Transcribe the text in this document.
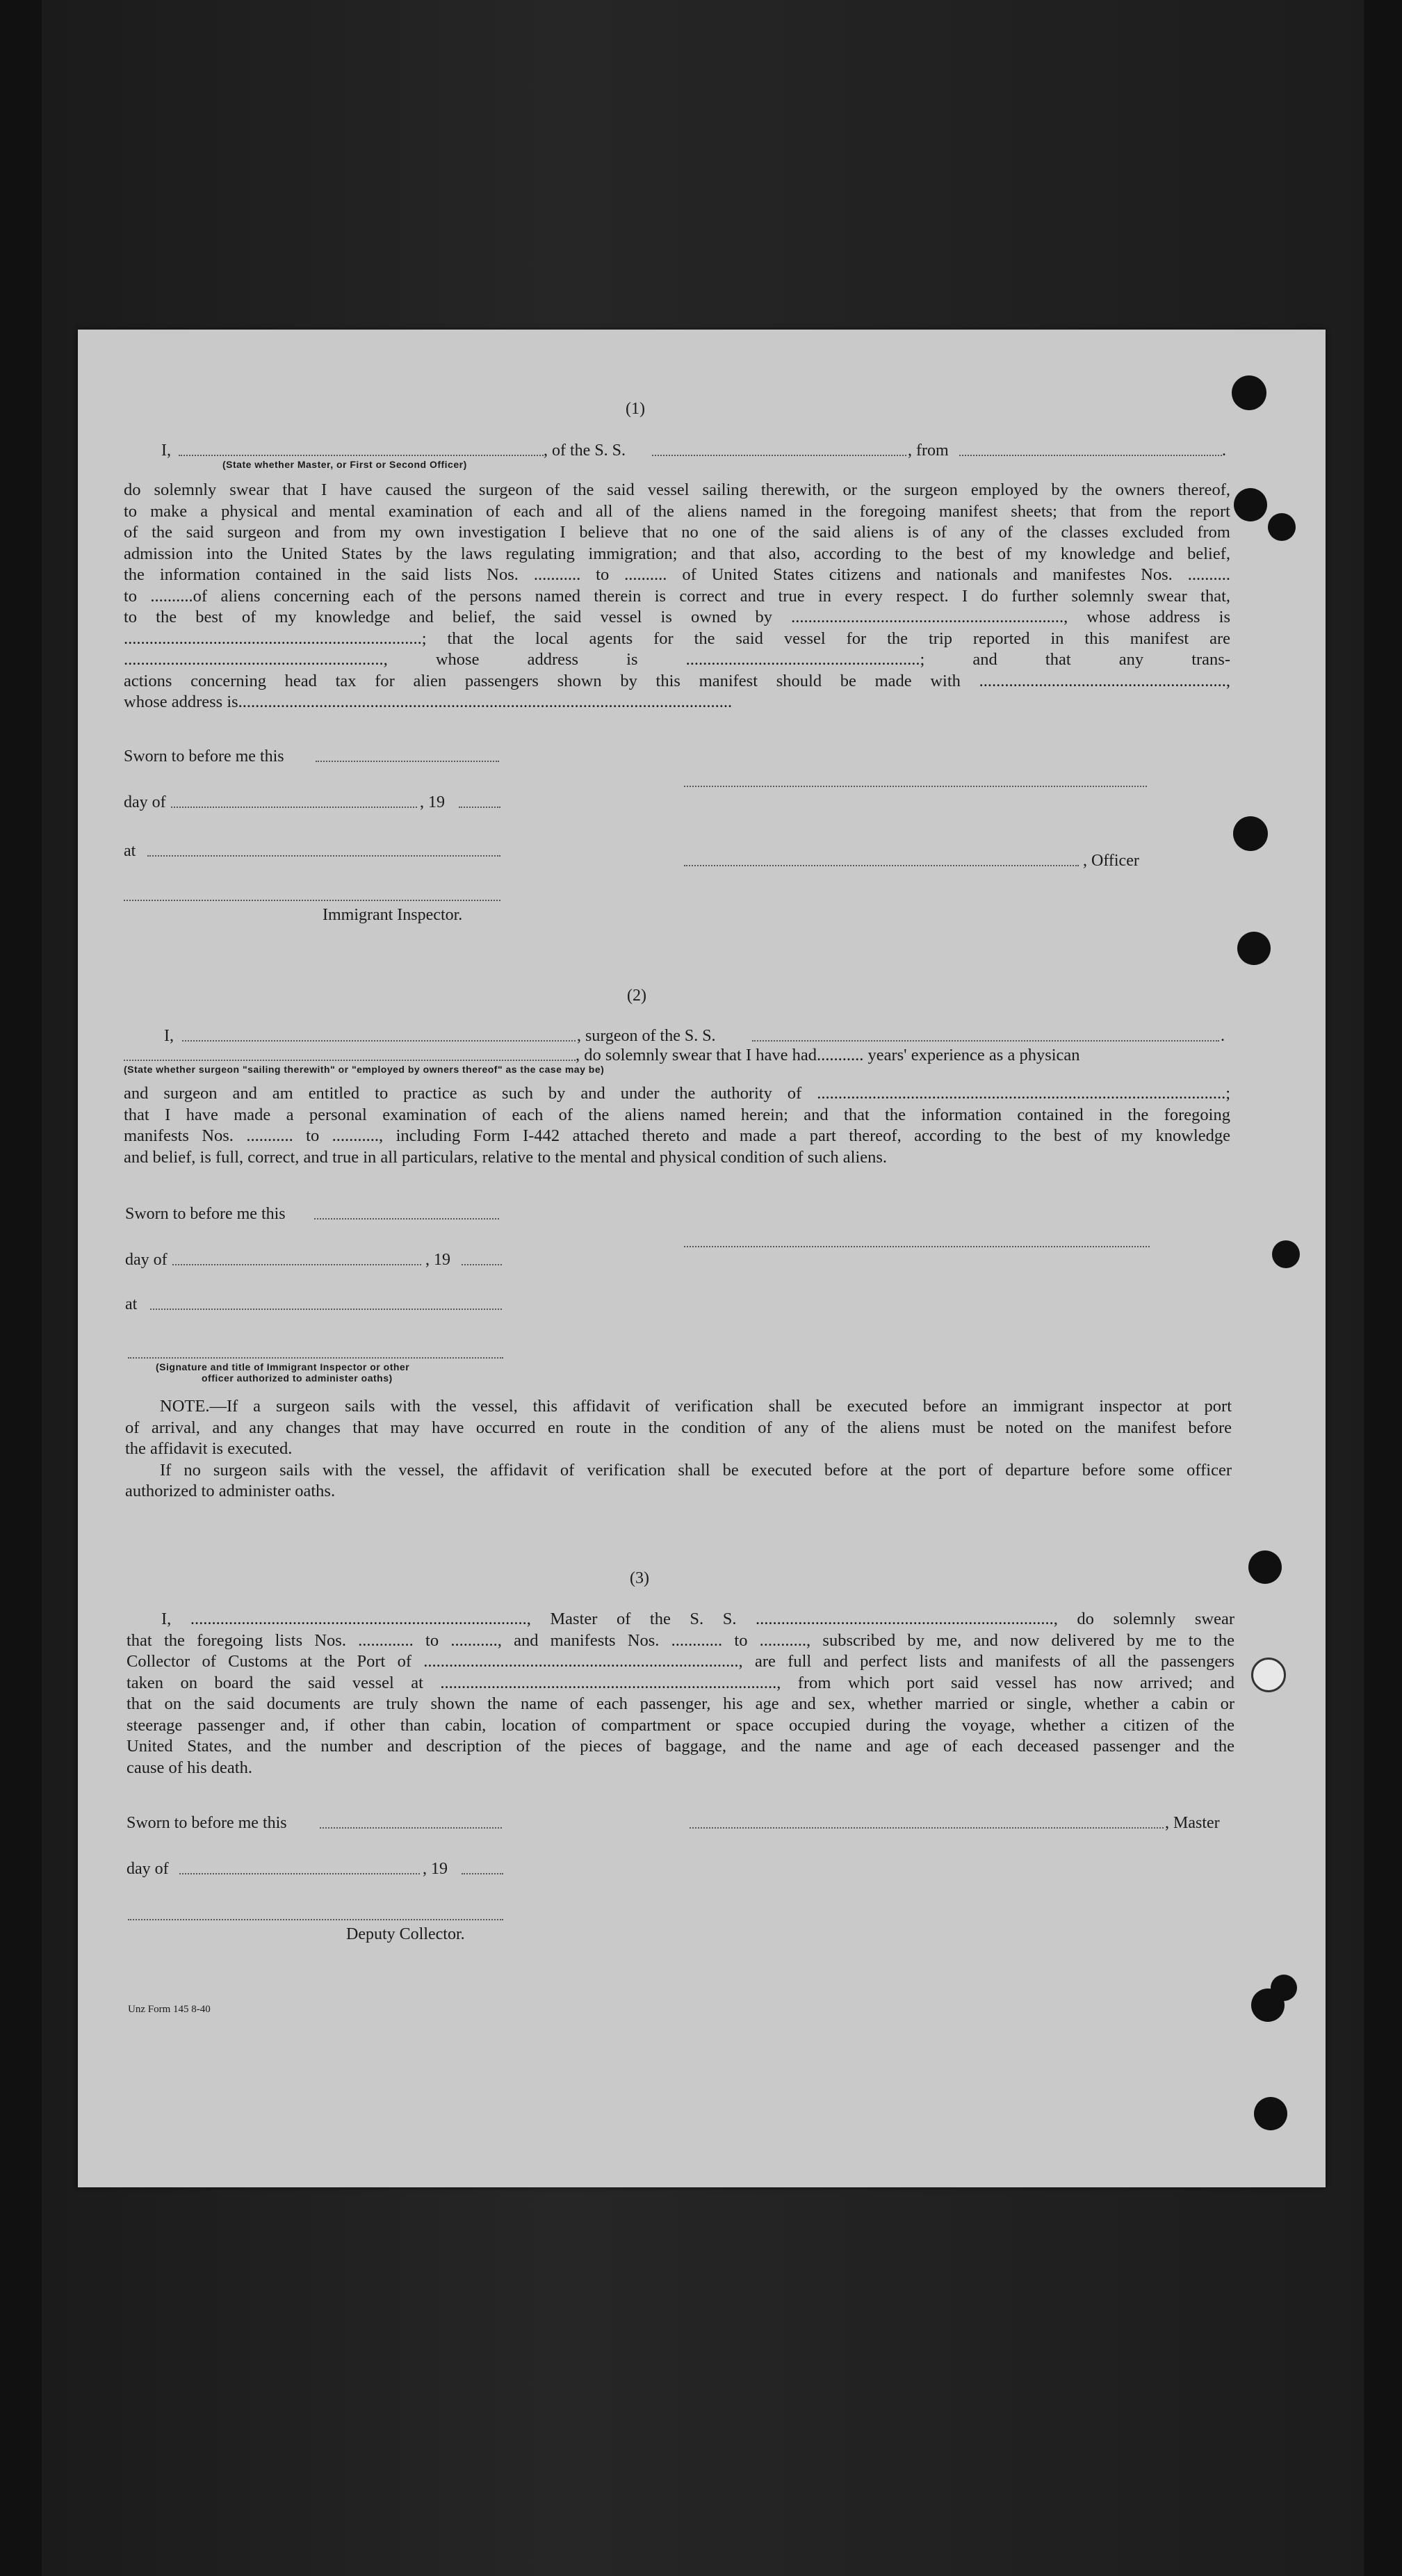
(1)
I,	, of the S. S.	, from	.
(State whether Master, or First or Second Officer)
do solemnly swear that I have caused the surgeon of the said vessel sailing therewith, or the surgeon employed by the owners thereof,
to make a physical and mental examination of each and all of the aliens named in the foregoing manifest sheets; that from the report
of the said surgeon and from my own investigation I believe that no one of the said aliens is of any of the classes excluded from
admission into the United States by the laws regulating immigration; and that also, according to the best of my knowledge and belief,
the information contained in the said lists Nos. ........... to .......... of United States citizens and nationals and manifestes Nos. ..........
to ..........of aliens concerning each of the persons named therein is correct and true in every respect. I do further solemnly swear that,
to the best of my knowledge and belief, the said vessel is owned by ................................................................, whose address is
......................................................................; that the local agents for the said vessel for the trip reported in this manifest are
............................................................., whose address is .......................................................; and that any trans-
actions concerning head tax for alien passengers shown by this manifest should be made with ..........................................................,
whose address is....................................................................................................................
Sworn to before me this
day of	, 19
at
, Officer
Immigrant Inspector.
(2)
I,	, surgeon of the S. S.	.
, do solemnly swear that I have had........... years' experience as a physican
(State whether surgeon "sailing therewith" or "employed by owners thereof" as the case may be)
and surgeon and am entitled to practice as such by and under the authority of ................................................................................................;
that I have made a personal examination of each of the aliens named herein; and that the information contained in the foregoing
manifests Nos. ........... to ..........., including Form I-442 attached thereto and made a part thereof, according to the best of my knowledge
and belief, is full, correct, and true in all particulars, relative to the mental and physical condition of such aliens.
Sworn to before me this
day of	, 19
at
(Signature and title of Immigrant Inspector or other
officer authorized to administer oaths)
NOTE.—If a surgeon sails with the vessel, this affidavit of verification shall be executed before an immigrant inspector at port
of arrival, and any changes that may have occurred en route in the condition of any of the aliens must be noted on the manifest before
the affidavit is executed.
If no surgeon sails with the vessel, the affidavit of verification shall be executed before at the port of departure before some officer
authorized to administer oaths.
(3)
I, ..............................................................................., Master of the S. S. ......................................................................, do solemnly swear
that the foregoing lists Nos. ............. to ..........., and manifests Nos. ............ to ..........., subscribed by me, and now delivered by me to the
Collector of Customs at the Port of .........................................................................., are full and perfect lists and manifests of all the passengers
taken on board the said vessel at ..............................................................................., from which port said vessel has now arrived; and
that on the said documents are truly shown the name of each passenger, his age and sex, whether married or single, whether a cabin or
steerage passenger and, if other than cabin, location of compartment or space occupied during the voyage, whether a citizen of the
United States, and the number and description of the pieces of baggage, and the name and age of each deceased passenger and the
cause of his death.
Sworn to before me this	, Master
day of	, 19
Deputy Collector.
Unz Form 145 8-40
